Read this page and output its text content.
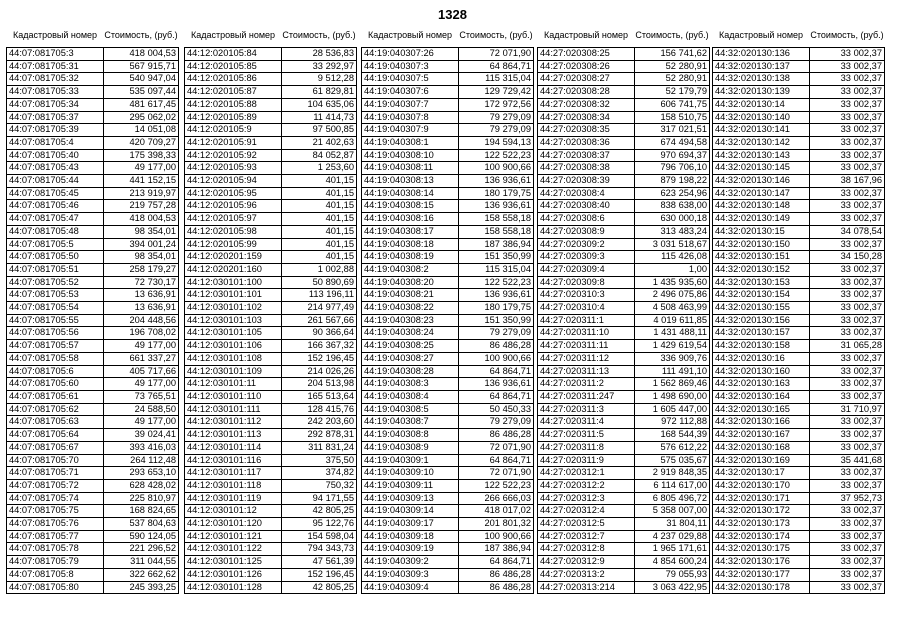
1328
Кадастровый номер	Стоимость, (руб.)
44:07:081705:3	418 004,53
44:07:081705:31	567 915,71
44:07:081705:32	540 947,04
44:07:081705:33	535 097,44
44:07:081705:34	481 617,45
44:07:081705:37	295 062,02
44:07:081705:39	14 051,08
44:07:081705:4	420 709,27
44:07:081705:40	175 398,33
44:07:081705:43	49 177,00
44:07:081705:44	441 152,15
44:07:081705:45	213 919,97
44:07:081705:46	219 757,28
44:07:081705:47	418 004,53
44:07:081705:48	98 354,01
44:07:081705:5	394 001,24
44:07:081705:50	98 354,01
44:07:081705:51	258 179,27
44:07:081705:52	72 730,17
44:07:081705:53	13 636,91
44:07:081705:54	13 636,91
44:07:081705:55	204 448,56
44:07:081705:56	196 708,02
44:07:081705:57	49 177,00
44:07:081705:58	661 337,27
44:07:081705:6	405 717,66
44:07:081705:60	49 177,00
44:07:081705:61	73 765,51
44:07:081705:62	24 588,50
44:07:081705:63	49 177,00
44:07:081705:64	39 024,41
44:07:081705:67	393 416,03
44:07:081705:70	264 112,48
44:07:081705:71	293 653,10
44:07:081705:72	628 428,02
44:07:081705:74	225 810,97
44:07:081705:75	168 824,65
44:07:081705:76	537 804,63
44:07:081705:77	590 124,05
44:07:081705:78	221 296,52
44:07:081705:79	311 044,55
44:07:081705:8	322 662,62
44:07:081705:80	245 393,25
Кадастровый номер	Стоимость, (руб.)
44:12:020105:84	28 536,83
44:12:020105:85	33 292,97
44:12:020105:86	9 512,28
44:12:020105:87	61 829,81
44:12:020105:88	104 635,06
44:12:020105:89	11 414,73
44:12:020105:9	97 500,85
44:12:020105:91	21 402,63
44:12:020105:92	84 052,87
44:12:020105:93	1 253,60
44:12:020105:94	401,15
44:12:020105:95	401,15
44:12:020105:96	401,15
44:12:020105:97	401,15
44:12:020105:98	401,15
44:12:020105:99	401,15
44:12:020201:159	401,15
44:12:020201:160	1 002,88
44:12:030101:100	50 890,69
44:12:030101:101	113 196,11
44:12:030101:102	214 977,49
44:12:030101:103	261 567,66
44:12:030101:105	90 366,64
44:12:030101:106	166 367,32
44:12:030101:108	152 196,45
44:12:030101:109	214 026,26
44:12:030101:11	204 513,98
44:12:030101:110	165 513,64
44:12:030101:111	128 415,76
44:12:030101:112	242 203,60
44:12:030101:113	292 878,31
44:12:030101:114	311 831,24
44:12:030101:116	375,50
44:12:030101:117	374,82
44:12:030101:118	750,32
44:12:030101:119	94 171,55
44:12:030101:12	42 805,25
44:12:030101:120	95 122,76
44:12:030101:121	154 598,04
44:12:030101:122	794 343,73
44:12:030101:125	47 561,39
44:12:030101:126	152 196,45
44:12:030101:128	42 805,25
Кадастровый номер	Стоимость, (руб.)
44:19:040307:26	72 071,90
44:19:040307:3	64 864,71
44:19:040307:5	115 315,04
44:19:040307:6	129 729,42
44:19:040307:7	172 972,56
44:19:040307:8	79 279,09
44:19:040307:9	79 279,09
44:19:040308:1	194 594,13
44:19:040308:10	122 522,23
44:19:040308:11	100 900,66
44:19:040308:13	136 936,61
44:19:040308:14	180 179,75
44:19:040308:15	136 936,61
44:19:040308:16	158 558,18
44:19:040308:17	158 558,18
44:19:040308:18	187 386,94
44:19:040308:19	151 350,99
44:19:040308:2	115 315,04
44:19:040308:20	122 522,23
44:19:040308:21	136 936,61
44:19:040308:22	180 179,75
44:19:040308:23	151 350,99
44:19:040308:24	79 279,09
44:19:040308:25	86 486,28
44:19:040308:27	100 900,66
44:19:040308:28	64 864,71
44:19:040308:3	136 936,61
44:19:040308:4	64 864,71
44:19:040308:5	50 450,33
44:19:040308:7	79 279,09
44:19:040308:8	86 486,28
44:19:040308:9	72 071,90
44:19:040309:1	64 864,71
44:19:040309:10	72 071,90
44:19:040309:11	122 522,23
44:19:040309:13	266 666,03
44:19:040309:14	418 017,02
44:19:040309:17	201 801,32
44:19:040309:18	100 900,66
44:19:040309:19	187 386,94
44:19:040309:2	64 864,71
44:19:040309:3	86 486,28
44:19:040309:4	86 486,28
Кадастровый номер	Стоимость, (руб.)
44:27:020308:25	156 741,62
44:27:020308:26	52 280,91
44:27:020308:27	52 280,91
44:27:020308:28	52 179,79
44:27:020308:32	606 741,75
44:27:020308:34	158 510,75
44:27:020308:35	317 021,51
44:27:020308:36	674 494,58
44:27:020308:37	970 694,37
44:27:020308:38	796 706,10
44:27:020308:39	879 198,22
44:27:020308:4	623 254,96
44:27:020308:40	838 638,00
44:27:020308:6	630 000,18
44:27:020308:9	313 483,24
44:27:020309:2	3 031 518,67
44:27:020309:3	115 426,08
44:27:020309:4	1,00
44:27:020309:8	1 435 935,60
44:27:020310:3	2 496 075,86
44:27:020310:4	4 508 463,99
44:27:020311:1	4 019 611,85
44:27:020311:10	1 431 488,11
44:27:020311:11	1 429 619,54
44:27:020311:12	336 909,76
44:27:020311:13	111 491,10
44:27:020311:2	1 562 869,46
44:27:020311:247	1 498 690,00
44:27:020311:3	1 605 447,00
44:27:020311:4	972 112,88
44:27:020311:5	168 544,39
44:27:020311:8	576 612,22
44:27:020311:9	575 035,67
44:27:020312:1	2 919 848,35
44:27:020312:2	6 114 617,00
44:27:020312:3	6 805 496,72
44:27:020312:4	5 358 007,00
44:27:020312:5	31 804,11
44:27:020312:7	4 237 029,88
44:27:020312:8	1 965 171,61
44:27:020312:9	4 854 600,24
44:27:020313:2	79 055,93
44:27:020313:214	3 063 422,95
Кадастровый номер	Стоимость, (руб.)
44:32:020130:136	33 002,37
44:32:020130:137	33 002,37
44:32:020130:138	33 002,37
44:32:020130:139	33 002,37
44:32:020130:14	33 002,37
44:32:020130:140	33 002,37
44:32:020130:141	33 002,37
44:32:020130:142	33 002,37
44:32:020130:143	33 002,37
44:32:020130:145	33 002,37
44:32:020130:146	38 167,96
44:32:020130:147	33 002,37
44:32:020130:148	33 002,37
44:32:020130:149	33 002,37
44:32:020130:15	34 078,54
44:32:020130:150	33 002,37
44:32:020130:151	34 150,28
44:32:020130:152	33 002,37
44:32:020130:153	33 002,37
44:32:020130:154	33 002,37
44:32:020130:155	33 002,37
44:32:020130:156	33 002,37
44:32:020130:157	33 002,37
44:32:020130:158	31 065,28
44:32:020130:16	33 002,37
44:32:020130:160	33 002,37
44:32:020130:163	33 002,37
44:32:020130:164	33 002,37
44:32:020130:165	31 710,97
44:32:020130:166	33 002,37
44:32:020130:167	33 002,37
44:32:020130:168	33 002,37
44:32:020130:169	35 441,68
44:32:020130:17	33 002,37
44:32:020130:170	33 002,37
44:32:020130:171	37 952,73
44:32:020130:172	33 002,37
44:32:020130:173	33 002,37
44:32:020130:174	33 002,37
44:32:020130:175	33 002,37
44:32:020130:176	33 002,37
44:32:020130:177	33 002,37
44:32:020130:178	33 002,37
